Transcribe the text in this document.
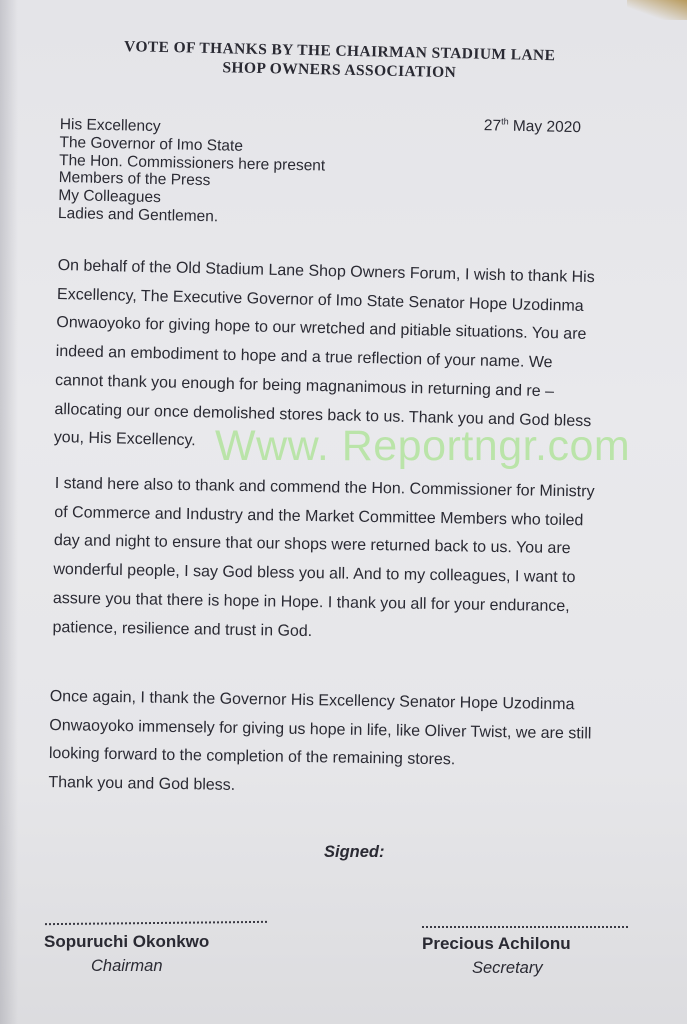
VOTE OF THANKS BY THE CHAIRMAN STADIUM LANE
SHOP OWNERS ASSOCIATION
27th May 2020
His Excellency
The Governor of Imo State
The Hon. Commissioners here present
Members of the Press
My Colleagues
Ladies and Gentlemen.
On behalf of the Old Stadium Lane Shop Owners Forum, I wish to thank His
Excellency, The Executive Governor of Imo State Senator Hope Uzodinma
Onwaoyoko for giving hope to our wretched and pitiable situations. You are
indeed an embodiment to hope and a true reflection of your name. We
cannot thank you enough for being magnanimous in returning and re –
allocating our once demolished stores back to us. Thank you and God bless
you, His Excellency.
I stand here also to thank and commend the Hon. Commissioner for Ministry
of Commerce and Industry and the Market Committee Members who toiled
day and night to ensure that our shops were returned back to us. You are
wonderful people, I say God bless you all. And to my colleagues, I want to
assure you that there is hope in Hope. I thank you all for your endurance,
patience, resilience and trust in God.
Once again, I thank the Governor His Excellency Senator Hope Uzodinma
Onwaoyoko immensely for giving us hope in life, like Oliver Twist, we are still
looking forward to the completion of the remaining stores.
Thank you and God bless.
Www. Reportngr.com
Signed:
Sopuruchi Okonkwo
Chairman
Precious Achilonu
Secretary
